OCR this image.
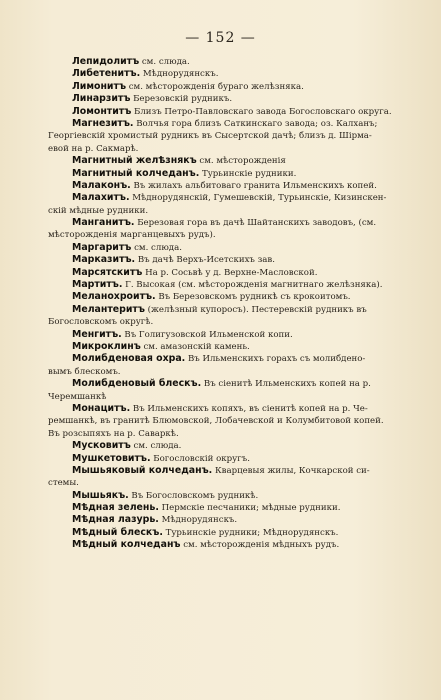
— 152 —
Лепидолитъ см. слюда.
Либетенитъ. Мѣднорудянскъ.
Лимонитъ см. мѣсторожденія бураго желѣзняка.
Линарзитъ Березовскій рудникъ.
Ломонтитъ Близъ Петро-Павловскаго завода Богословскаго округа.
Магнезитъ. Волчья гора близъ Саткинскаго завода; оз. Калханъ;
Георгіевскій хромистый рудникъ въ Сысертской дачѣ; близъ д. Шірма-
евой на р. Сакмарѣ.
Магнитный желѣзнякъ см. мѣсторожденія
Магнитный колчеданъ. Турьинскіе рудники.
Малаконъ. Въ жилахъ альбитоваго гранита Ильменскихъ копей.
Малахитъ. Мѣднорудянскій, Гумешевскій, Турьинскіе, Кизинскен-
скій мѣдные рудники.
Манганитъ. Березовая гора въ дачѣ Шайтанскихъ заводовъ, (см.
мѣсторожденія марганцевыхъ рудъ).
Маргаритъ см. слюда.
Марказитъ. Въ дачѣ Верхъ-Исетскихъ зав.
Марсятскитъ На р. Сосьвѣ у д. Верхне-Масловской.
Мартитъ. Г. Высокая (см. мѣсторожденія магнитнаго желѣзняка).
Меланохроитъ. Въ Березовскомъ рудникѣ съ крокоитомъ.
Мелантеритъ (желѣзный купоросъ). Пестеревскій рудникъ въ
Богословскомъ округѣ.
Менгитъ. Въ Голигузовской Ильменской копи.
Микроклинъ см. амазонскій камень.
Молибденовая охра. Въ Ильменскихъ горахъ съ молибдено-
вымъ блескомъ.
Молибденовый блескъ. Въ сіенитѣ Ильменскихъ копей на р.
Черемшанкѣ
Монацитъ. Въ Ильменскихъ копяхъ, въ сіенитѣ копей на р. Че-
ремшанкѣ, въ гранитѣ Блюмовской, Лобачевской и Колумбитовой копей.
Въ розсыпяхъ на р. Саваркѣ.
Мусковитъ см. слюда.
Мушкетовитъ. Богословскій округъ.
Мышьяковый колчеданъ. Кварцевыя жилы, Кочкарской си-
стемы.
Мышьякъ. Въ Богословскомъ рудникѣ.
Мѣдная зелень. Пермскіе песчаники; мѣдные рудники.
Мѣдная лазурь. Мѣднорудянскъ.
Мѣдный блескъ. Турьинскіе рудники; Мѣднорудянскъ.
Мѣдный колчеданъ см. мѣсторожденія мѣдныхъ рудъ.
